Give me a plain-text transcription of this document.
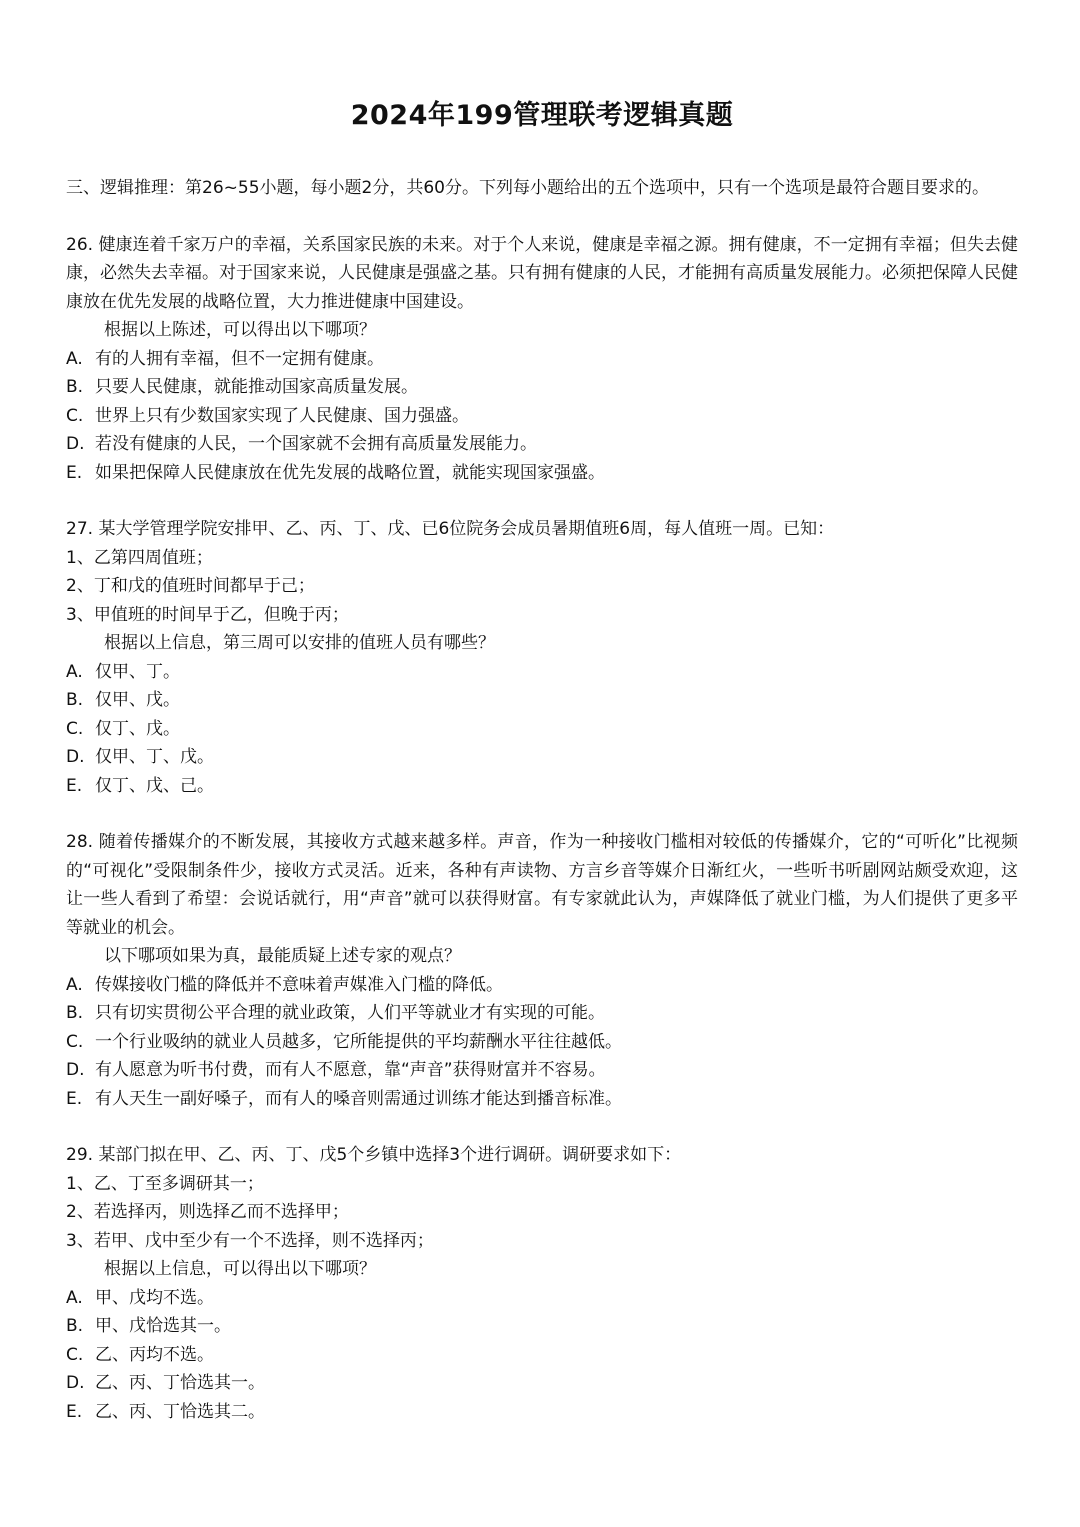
2024年199管理联考逻辑真题

三、逻辑推理：第26~55小题，每小题2分，共60分。下列每小题给出的五个选项中，只有一个选项是最符合题目要求的。

26. 健康连着千家万户的幸福，关系国家民族的未来。对于个人来说，健康是幸福之源。拥有健康，不一定拥有幸福；但失去健康，必然失去幸福。对于国家来说，人民健康是强盛之基。只有拥有健康的人民，才能拥有高质量发展能力。必须把保障人民健康放在优先发展的战略位置，大力推进健康中国建设。

根据以上陈述，可以得出以下哪项？

A. 有的人拥有幸福，但不一定拥有健康。
B. 只要人民健康，就能推动国家高质量发展。
C. 世界上只有少数国家实现了人民健康、国力强盛。
D. 若没有健康的人民，一个国家就不会拥有高质量发展能力。
E. 如果把保障人民健康放在优先发展的战略位置，就能实现国家强盛。

27. 某大学管理学院安排甲、乙、丙、丁、戊、已6位院务会成员暑期值班6周，每人值班一周。已知：

1、乙第四周值班；

2、丁和戊的值班时间都早于己；

3、甲值班的时间早于乙，但晚于丙；

根据以上信息，第三周可以安排的值班人员有哪些？

A. 仅甲、丁。
B. 仅甲、戊。
C. 仅丁、戊。
D. 仅甲、丁、戊。
E. 仅丁、戊、己。

28. 随着传播媒介的不断发展，其接收方式越来越多样。声音，作为一种接收门槛相对较低的传播媒介，它的“可听化”比视频的“可视化”受限制条件少，接收方式灵活。近来，各种有声读物、方言乡音等媒介日渐红火，一些听书听剧网站颇受欢迎，这让一些人看到了希望：会说话就行，用“声音”就可以获得财富。有专家就此认为，声媒降低了就业门槛，为人们提供了更多平等就业的机会。

以下哪项如果为真，最能质疑上述专家的观点？

A. 传媒接收门槛的降低并不意味着声媒准入门槛的降低。
B. 只有切实贯彻公平合理的就业政策，人们平等就业才有实现的可能。
C. 一个行业吸纳的就业人员越多，它所能提供的平均薪酬水平往往越低。
D. 有人愿意为听书付费，而有人不愿意，靠“声音”获得财富并不容易。
E. 有人天生一副好嗓子，而有人的嗓音则需通过训练才能达到播音标准。

29. 某部门拟在甲、乙、丙、丁、戊5个乡镇中选择3个进行调研。调研要求如下：

1、乙、丁至多调研其一；

2、若选择丙，则选择乙而不选择甲；

3、若甲、戊中至少有一个不选择，则不选择丙；

根据以上信息，可以得出以下哪项？

A. 甲、戊均不选。
B. 甲、戊恰选其一。
C. 乙、丙均不选。
D. 乙、丙、丁恰选其一。
E. 乙、丙、丁恰选其二。
